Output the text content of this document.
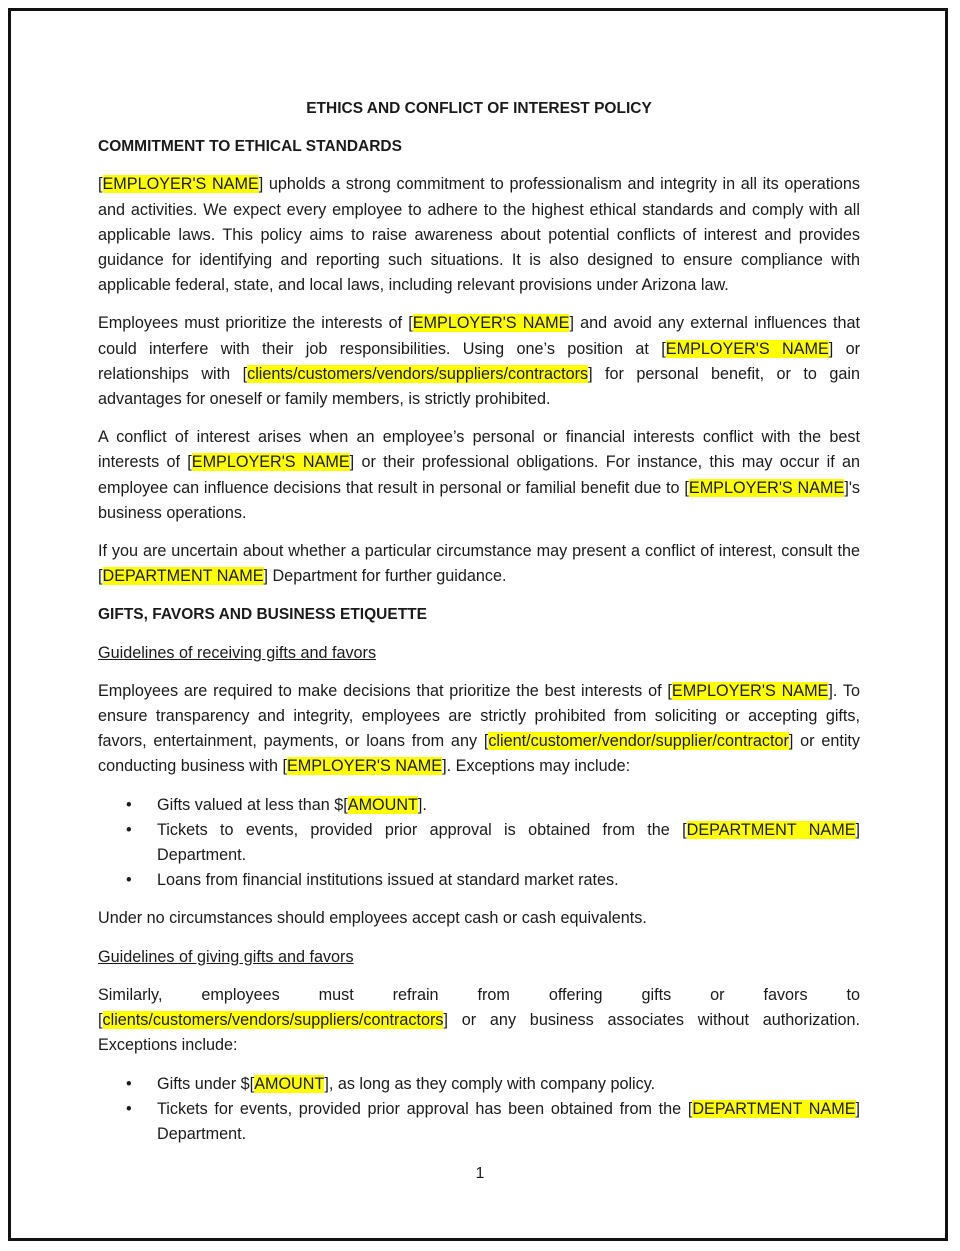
ETHICS AND CONFLICT OF INTEREST POLICY
COMMITMENT TO ETHICAL STANDARDS

[EMPLOYER'S NAME] upholds a strong commitment to professionalism and integrity in all its operations and activities. We expect every employee to adhere to the highest ethical standards and comply with all applicable laws. This policy aims to raise awareness about potential conflicts of interest and provides guidance for identifying and reporting such situations. It is also designed to ensure compliance with applicable federal, state, and local laws, including relevant provisions under Arizona law.

Employees must prioritize the interests of [EMPLOYER'S NAME] and avoid any external influences that could interfere with their job responsibilities. Using one’s position at [EMPLOYER'S NAME] or relationships with [clients/customers/vendors/suppliers/contractors] for personal benefit, or to gain advantages for oneself or family members, is strictly prohibited.

A conflict of interest arises when an employee’s personal or financial interests conflict with the best interests of [EMPLOYER'S NAME] or their professional obligations. For instance, this may occur if an employee can influence decisions that result in personal or familial benefit due to [EMPLOYER'S NAME]'s business operations.

If you are uncertain about whether a particular circumstance may present a conflict of interest, consult the [DEPARTMENT NAME] Department for further guidance.

GIFTS, FAVORS AND BUSINESS ETIQUETTE
Guidelines of receiving gifts and favors

Employees are required to make decisions that prioritize the best interests of [EMPLOYER'S NAME]. To ensure transparency and integrity, employees are strictly prohibited from soliciting or accepting gifts, favors, entertainment, payments, or loans from any [client/customer/vendor/supplier/contractor] or entity conducting business with [EMPLOYER'S NAME]. Exceptions may include:

• Gifts valued at less than $[AMOUNT].
• Tickets to events, provided prior approval is obtained from the [DEPARTMENT NAME] Department.
• Loans from financial institutions issued at standard market rates.

Under no circumstances should employees accept cash or cash equivalents.

Guidelines of giving gifts and favors

Similarly, employees must refrain from offering gifts or favors to [clients/customers/vendors/suppliers/contractors] or any business associates without authorization. Exceptions include:

• Gifts under $[AMOUNT], as long as they comply with company policy.
• Tickets for events, provided prior approval has been obtained from the [DEPARTMENT NAME] Department.
1
